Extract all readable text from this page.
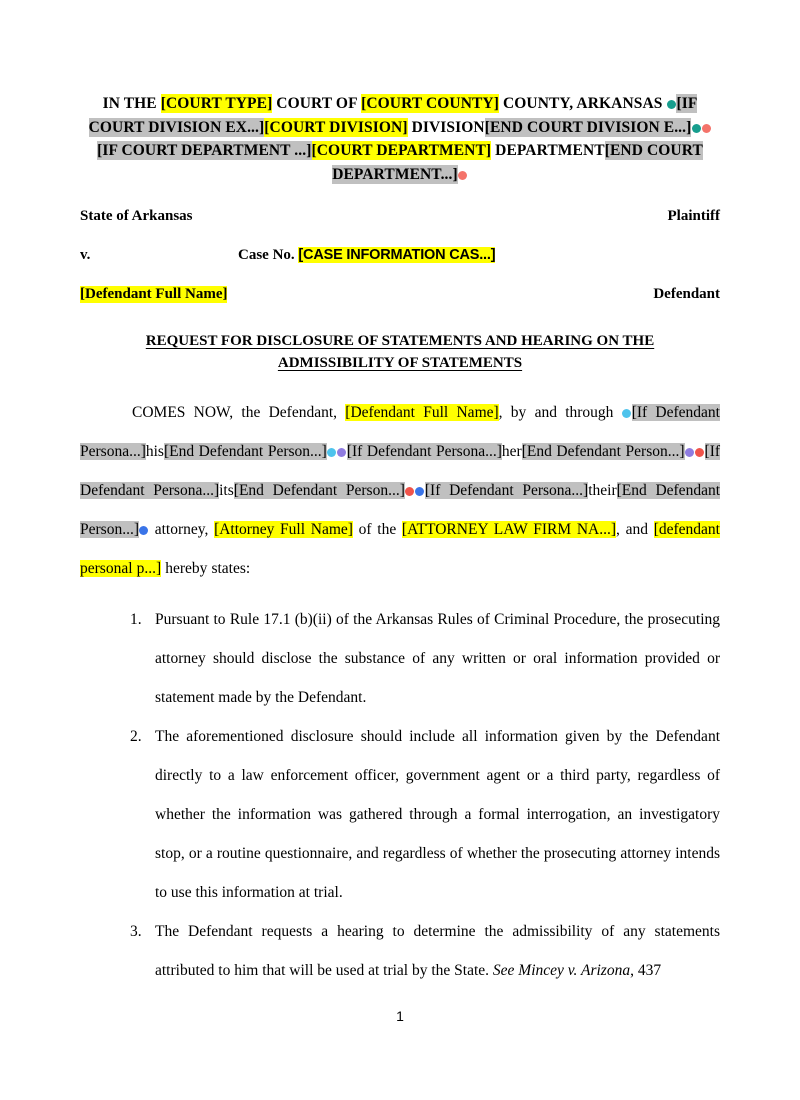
IN THE [COURT TYPE] COURT OF [COURT COUNTY] COUNTY, ARKANSAS [IF COURT DIVISION EX...][COURT DIVISION] DIVISION[END COURT DIVISION E...][IF COURT DEPARTMENT ...][COURT DEPARTMENT] DEPARTMENT[END COURT DEPARTMENT...]
State of Arkansas	Plaintiff
v.	Case No. [CASE INFORMATION CAS...]
[Defendant Full Name]	Defendant
REQUEST FOR DISCLOSURE OF STATEMENTS AND HEARING ON THE
ADMISSIBILITY OF STATEMENTS

COMES NOW, the Defendant, [Defendant Full Name], by and through [If Defendant Persona...]his[End Defendant Person...] [If Defendant Persona...]her[End Defendant Person...] [If Defendant Persona...]its[End Defendant Person...] [If Defendant Persona...]their[End Defendant Person...] attorney, [Attorney Full Name] of the [ATTORNEY LAW FIRM NA...], and [defendant personal p...] hereby states:

Pursuant to Rule 17.1 (b)(ii) of the Arkansas Rules of Criminal Procedure, the prosecuting attorney should disclose the substance of any written or oral information provided or statement made by the Defendant.
The aforementioned disclosure should include all information given by the Defendant directly to a law enforcement officer, government agent or a third party, regardless of whether the information was gathered through a formal interrogation, an investigatory stop, or a routine questionnaire, and regardless of whether the prosecuting attorney intends to use this information at trial.
The Defendant requests a hearing to determine the admissibility of any statements attributed to him that will be used at trial by the State. See Mincey v. Arizona, 437
1
